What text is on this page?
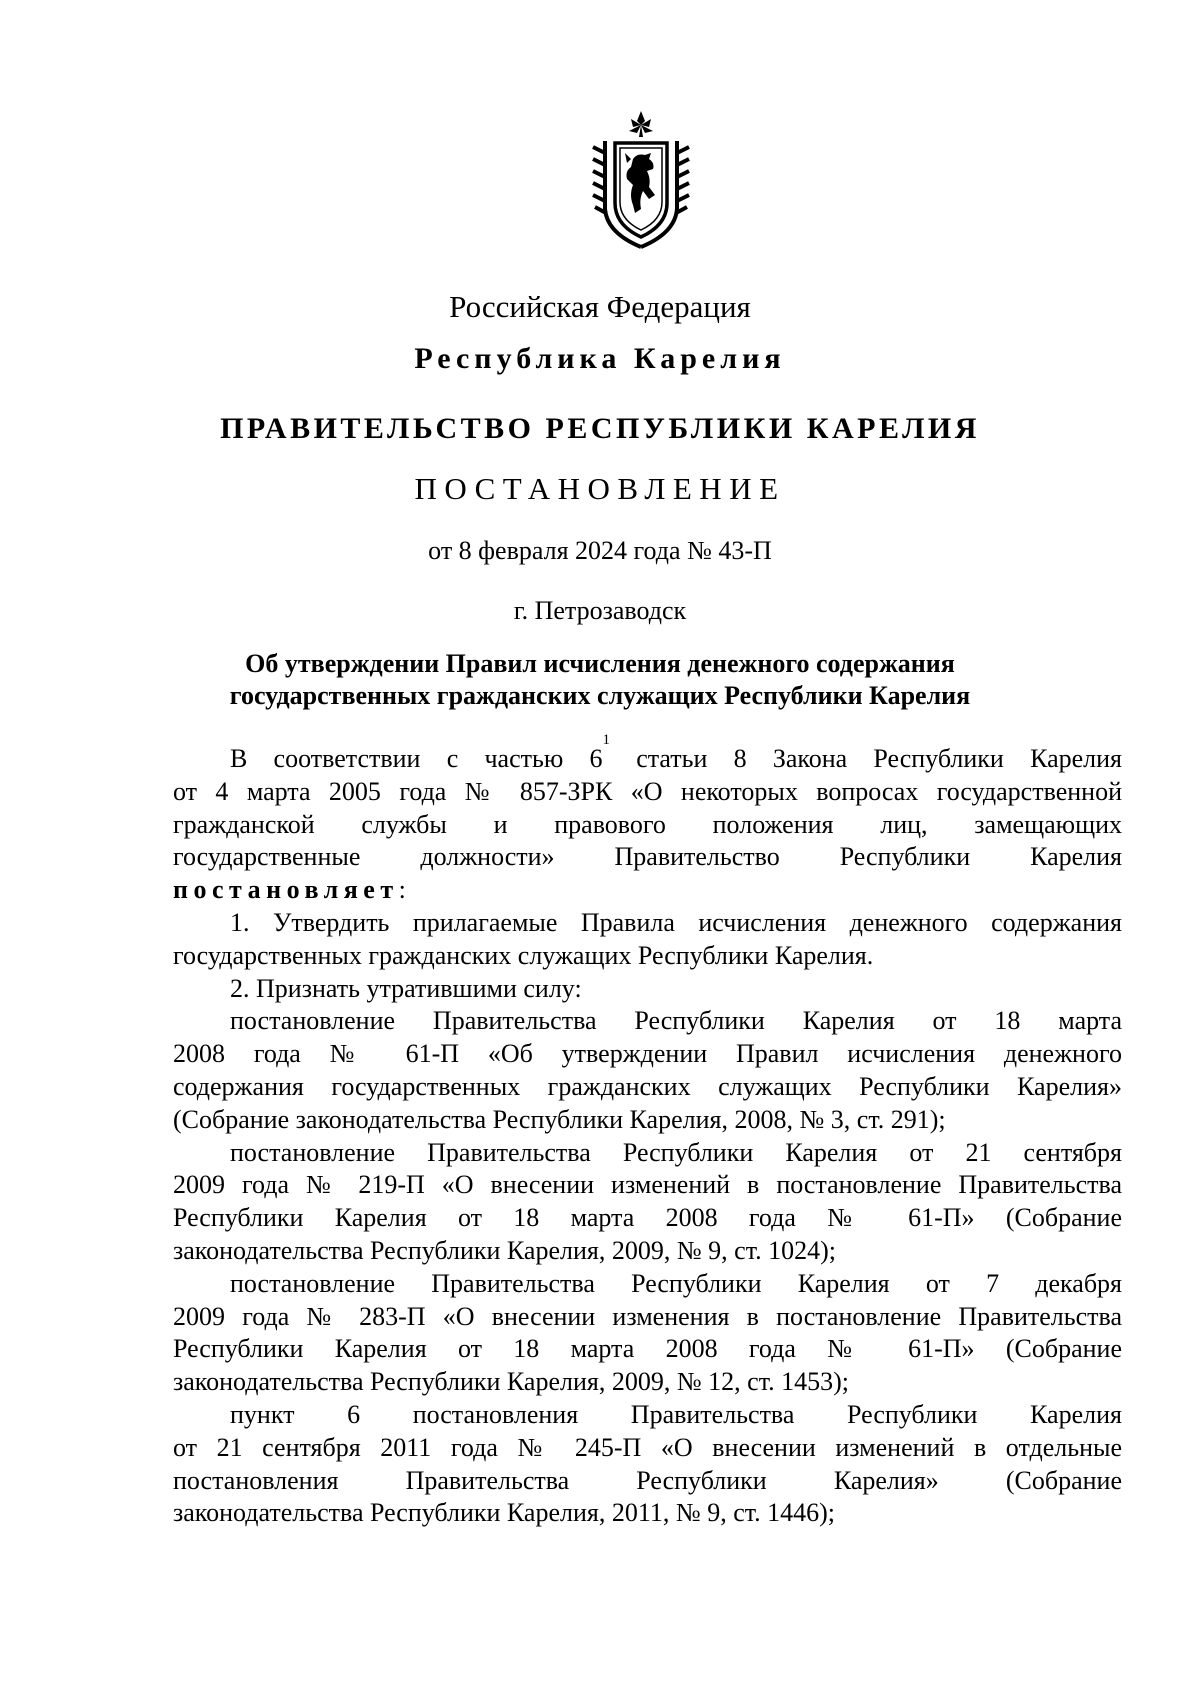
Российская Федерация
Республика Карелия
ПРАВИТЕЛЬСТВО РЕСПУБЛИКИ КАРЕЛИЯ
ПОСТАНОВЛЕНИЕ
от 8 февраля 2024 года № 43-П
г. Петрозаводск
Об утверждении Правил исчисления денежного содержания
государственных гражданских служащих Республики Карелия
В соответствии с частью $6^1$ статьи 8 Закона Республики Карелия
от 4 марта 2005 года № 857-ЗРК «О некоторых вопросах государственной
гражданской службы и правового положения лиц, замещающих
государственные должности» Правительство Республики Карелия
постановляет:
1. Утвердить прилагаемые Правила исчисления денежного содержания
государственных гражданских служащих Республики Карелия.
2. Признать утратившими силу:
постановление Правительства Республики Карелия от 18 марта
2008 года № 61-П «Об утверждении Правил исчисления денежного
содержания государственных гражданских служащих Республики Карелия»
(Собрание законодательства Республики Карелия, 2008, № 3, ст. 291);
постановление Правительства Республики Карелия от 21 сентября
2009 года № 219-П «О внесении изменений в постановление Правительства
Республики Карелия от 18 марта 2008 года № 61-П» (Собрание
законодательства Республики Карелия, 2009, № 9, ст. 1024);
постановление Правительства Республики Карелия от 7 декабря
2009 года № 283-П «О внесении изменения в постановление Правительства
Республики Карелия от 18 марта 2008 года № 61-П» (Собрание
законодательства Республики Карелия, 2009, № 12, ст. 1453);
пункт 6 постановления Правительства Республики Карелия
от 21 сентября 2011 года № 245-П «О внесении изменений в отдельные
постановления Правительства Республики Карелия» (Собрание
законодательства Республики Карелия, 2011, № 9, ст. 1446);
